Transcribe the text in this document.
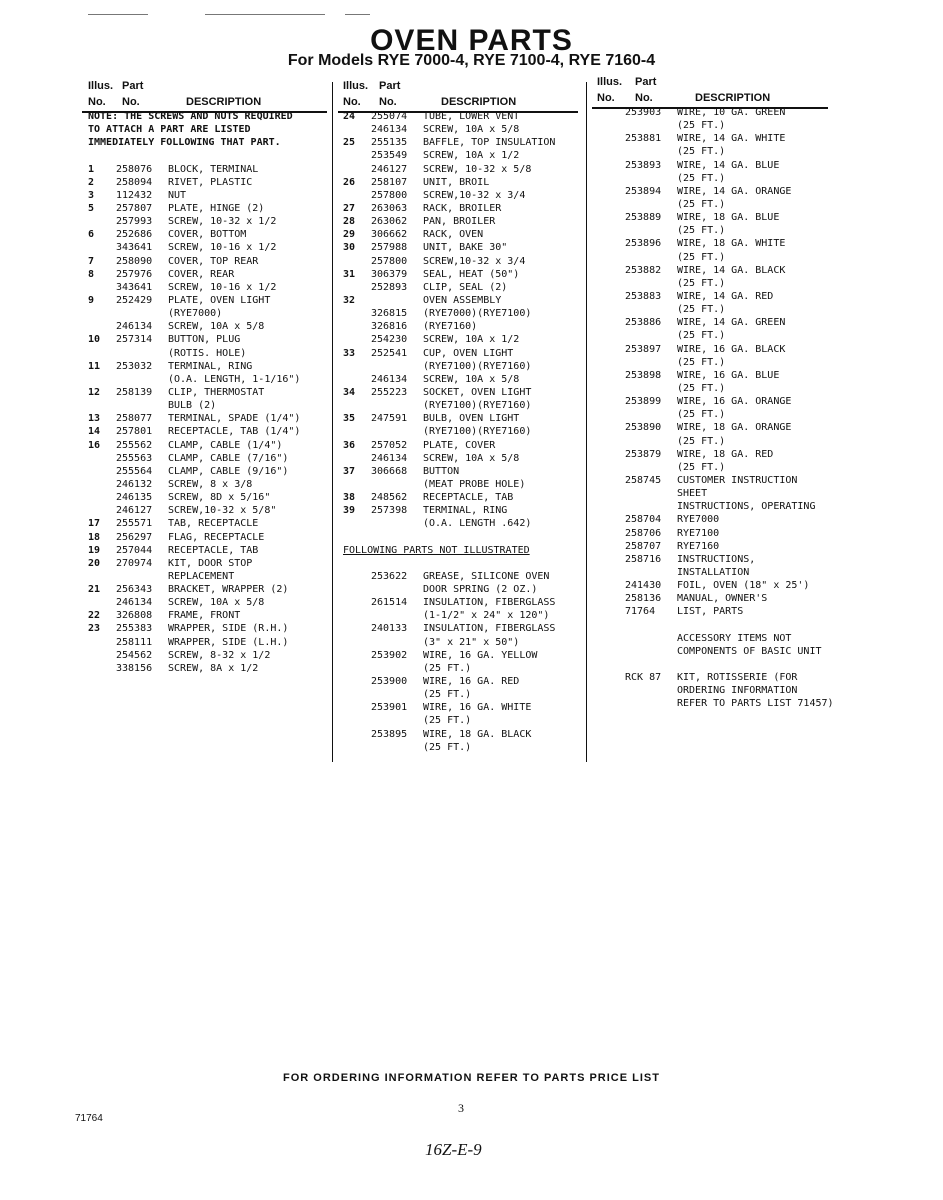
OVEN PARTS
For Models RYE 7000-4, RYE 7100-4, RYE 7160-4
Illus. Part
No. No.	DESCRIPTION
NOTE: THE SCREWS AND NUTS REQUIRED
TO ATTACH A PART ARE LISTED
IMMEDIATELY FOLLOWING THAT PART.
1 258076 BLOCK, TERMINAL
2 258094 RIVET, PLASTIC
3 112432 NUT
5 257807 PLATE, HINGE (2)
257993 SCREW, 10-32 x 1/2
6 252686 COVER, BOTTOM
343641 SCREW, 10-16 x 1/2
7 258090 COVER, TOP REAR
8 257976 COVER, REAR
343641 SCREW, 10-16 x 1/2
9 252429 PLATE, OVEN LIGHT
(RYE7000)
246134 SCREW, 10A x 5/8
10 257314 BUTTON, PLUG
(ROTIS. HOLE)
11 253032 TERMINAL, RING
(O.A. LENGTH, 1-1/16")
12 258139 CLIP, THERMOSTAT
BULB (2)
13 258077 TERMINAL, SPADE (1/4")
14 257801 RECEPTACLE, TAB (1/4")
16 255562 CLAMP, CABLE (1/4")
255563 CLAMP, CABLE (7/16")
255564 CLAMP, CABLE (9/16")
246132 SCREW, 8 x 3/8
246135 SCREW, 8D x 5/16"
246127 SCREW,10-32 x 5/8"
17 255571 TAB, RECEPTACLE
18 256297 FLAG, RECEPTACLE
19 257044 RECEPTACLE, TAB
20 270974 KIT, DOOR STOP
REPLACEMENT
21 256343 BRACKET, WRAPPER (2)
246134 SCREW, 10A x 5/8
22 326808 FRAME, FRONT
23 255383 WRAPPER, SIDE (R.H.)
258111 WRAPPER, SIDE (L.H.)
254562 SCREW, 8-32 x 1/2
338156 SCREW, 8A x 1/2
Illus. Part
No. No.	DESCRIPTION
24 255074 TUBE, LOWER VENT
246134 SCREW, 10A x 5/8
25 255135 BAFFLE, TOP INSULATION
253549 SCREW, 10A x 1/2
246127 SCREW, 10-32 x 5/8
26 258107 UNIT, BROIL
257800 SCREW,10-32 x 3/4
27 263063 RACK, BROILER
28 263062 PAN, BROILER
29 306662 RACK, OVEN
30 257988 UNIT, BAKE 30"
257800 SCREW,10-32 x 3/4
31 306379 SEAL, HEAT (50")
252893 CLIP, SEAL (2)
32	OVEN ASSEMBLY
326815 (RYE7000)(RYE7100)
326816 (RYE7160)
254230 SCREW, 10A x 1/2
33 252541 CUP, OVEN LIGHT
(RYE7100)(RYE7160)
246134 SCREW, 10A x 5/8
34 255223 SOCKET, OVEN LIGHT
(RYE7100)(RYE7160)
35 247591 BULB, OVEN LIGHT
(RYE7100)(RYE7160)
36 257052 PLATE, COVER
246134 SCREW, 10A x 5/8
37 306668 BUTTON
(MEAT PROBE HOLE)
38 248562 RECEPTACLE, TAB
39 257398 TERMINAL, RING
(O.A. LENGTH .642)
FOLLOWING PARTS NOT ILLUSTRATED
253622 GREASE, SILICONE OVEN
DOOR SPRING (2 OZ.)
261514 INSULATION, FIBERGLASS
(1-1/2" x 24" x 120")
240133 INSULATION, FIBERGLASS
(3" x 21" x 50")
253902 WIRE, 16 GA. YELLOW
(25 FT.)
253900 WIRE, 16 GA. RED
(25 FT.)
253901 WIRE, 16 GA. WHITE
(25 FT.)
253895 WIRE, 18 GA. BLACK
(25 FT.)
Illus. Part
No. No.	DESCRIPTION
253903 WIRE, 10 GA. GREEN
(25 FT.)
253881 WIRE, 14 GA. WHITE
(25 FT.)
253893 WIRE, 14 GA. BLUE
(25 FT.)
253894 WIRE, 14 GA. ORANGE
(25 FT.)
253889 WIRE, 18 GA. BLUE
(25 FT.)
253896 WIRE, 18 GA. WHITE
(25 FT.)
253882 WIRE, 14 GA. BLACK
(25 FT.)
253883 WIRE, 14 GA. RED
(25 FT.)
253886 WIRE, 14 GA. GREEN
(25 FT.)
253897 WIRE, 16 GA. BLACK
(25 FT.)
253898 WIRE, 16 GA. BLUE
(25 FT.)
253899 WIRE, 16 GA. ORANGE
(25 FT.)
253890 WIRE, 18 GA. ORANGE
(25 FT.)
253879 WIRE, 18 GA. RED
(25 FT.)
258745 CUSTOMER INSTRUCTION
SHEET
INSTRUCTIONS, OPERATING
258704 RYE7000
258706 RYE7100
258707 RYE7160
258716 INSTRUCTIONS,
INSTALLATION
241430 FOIL, OVEN (18" x 25')
258136 MANUAL, OWNER'S
71764 LIST, PARTS
ACCESSORY ITEMS NOT
COMPONENTS OF BASIC UNIT
RCK 87 KIT, ROTISSERIE (FOR
ORDERING INFORMATION
REFER TO PARTS LIST 71457)
FOR ORDERING INFORMATION REFER TO PARTS PRICE LIST
3
71764
16Z-E-9
